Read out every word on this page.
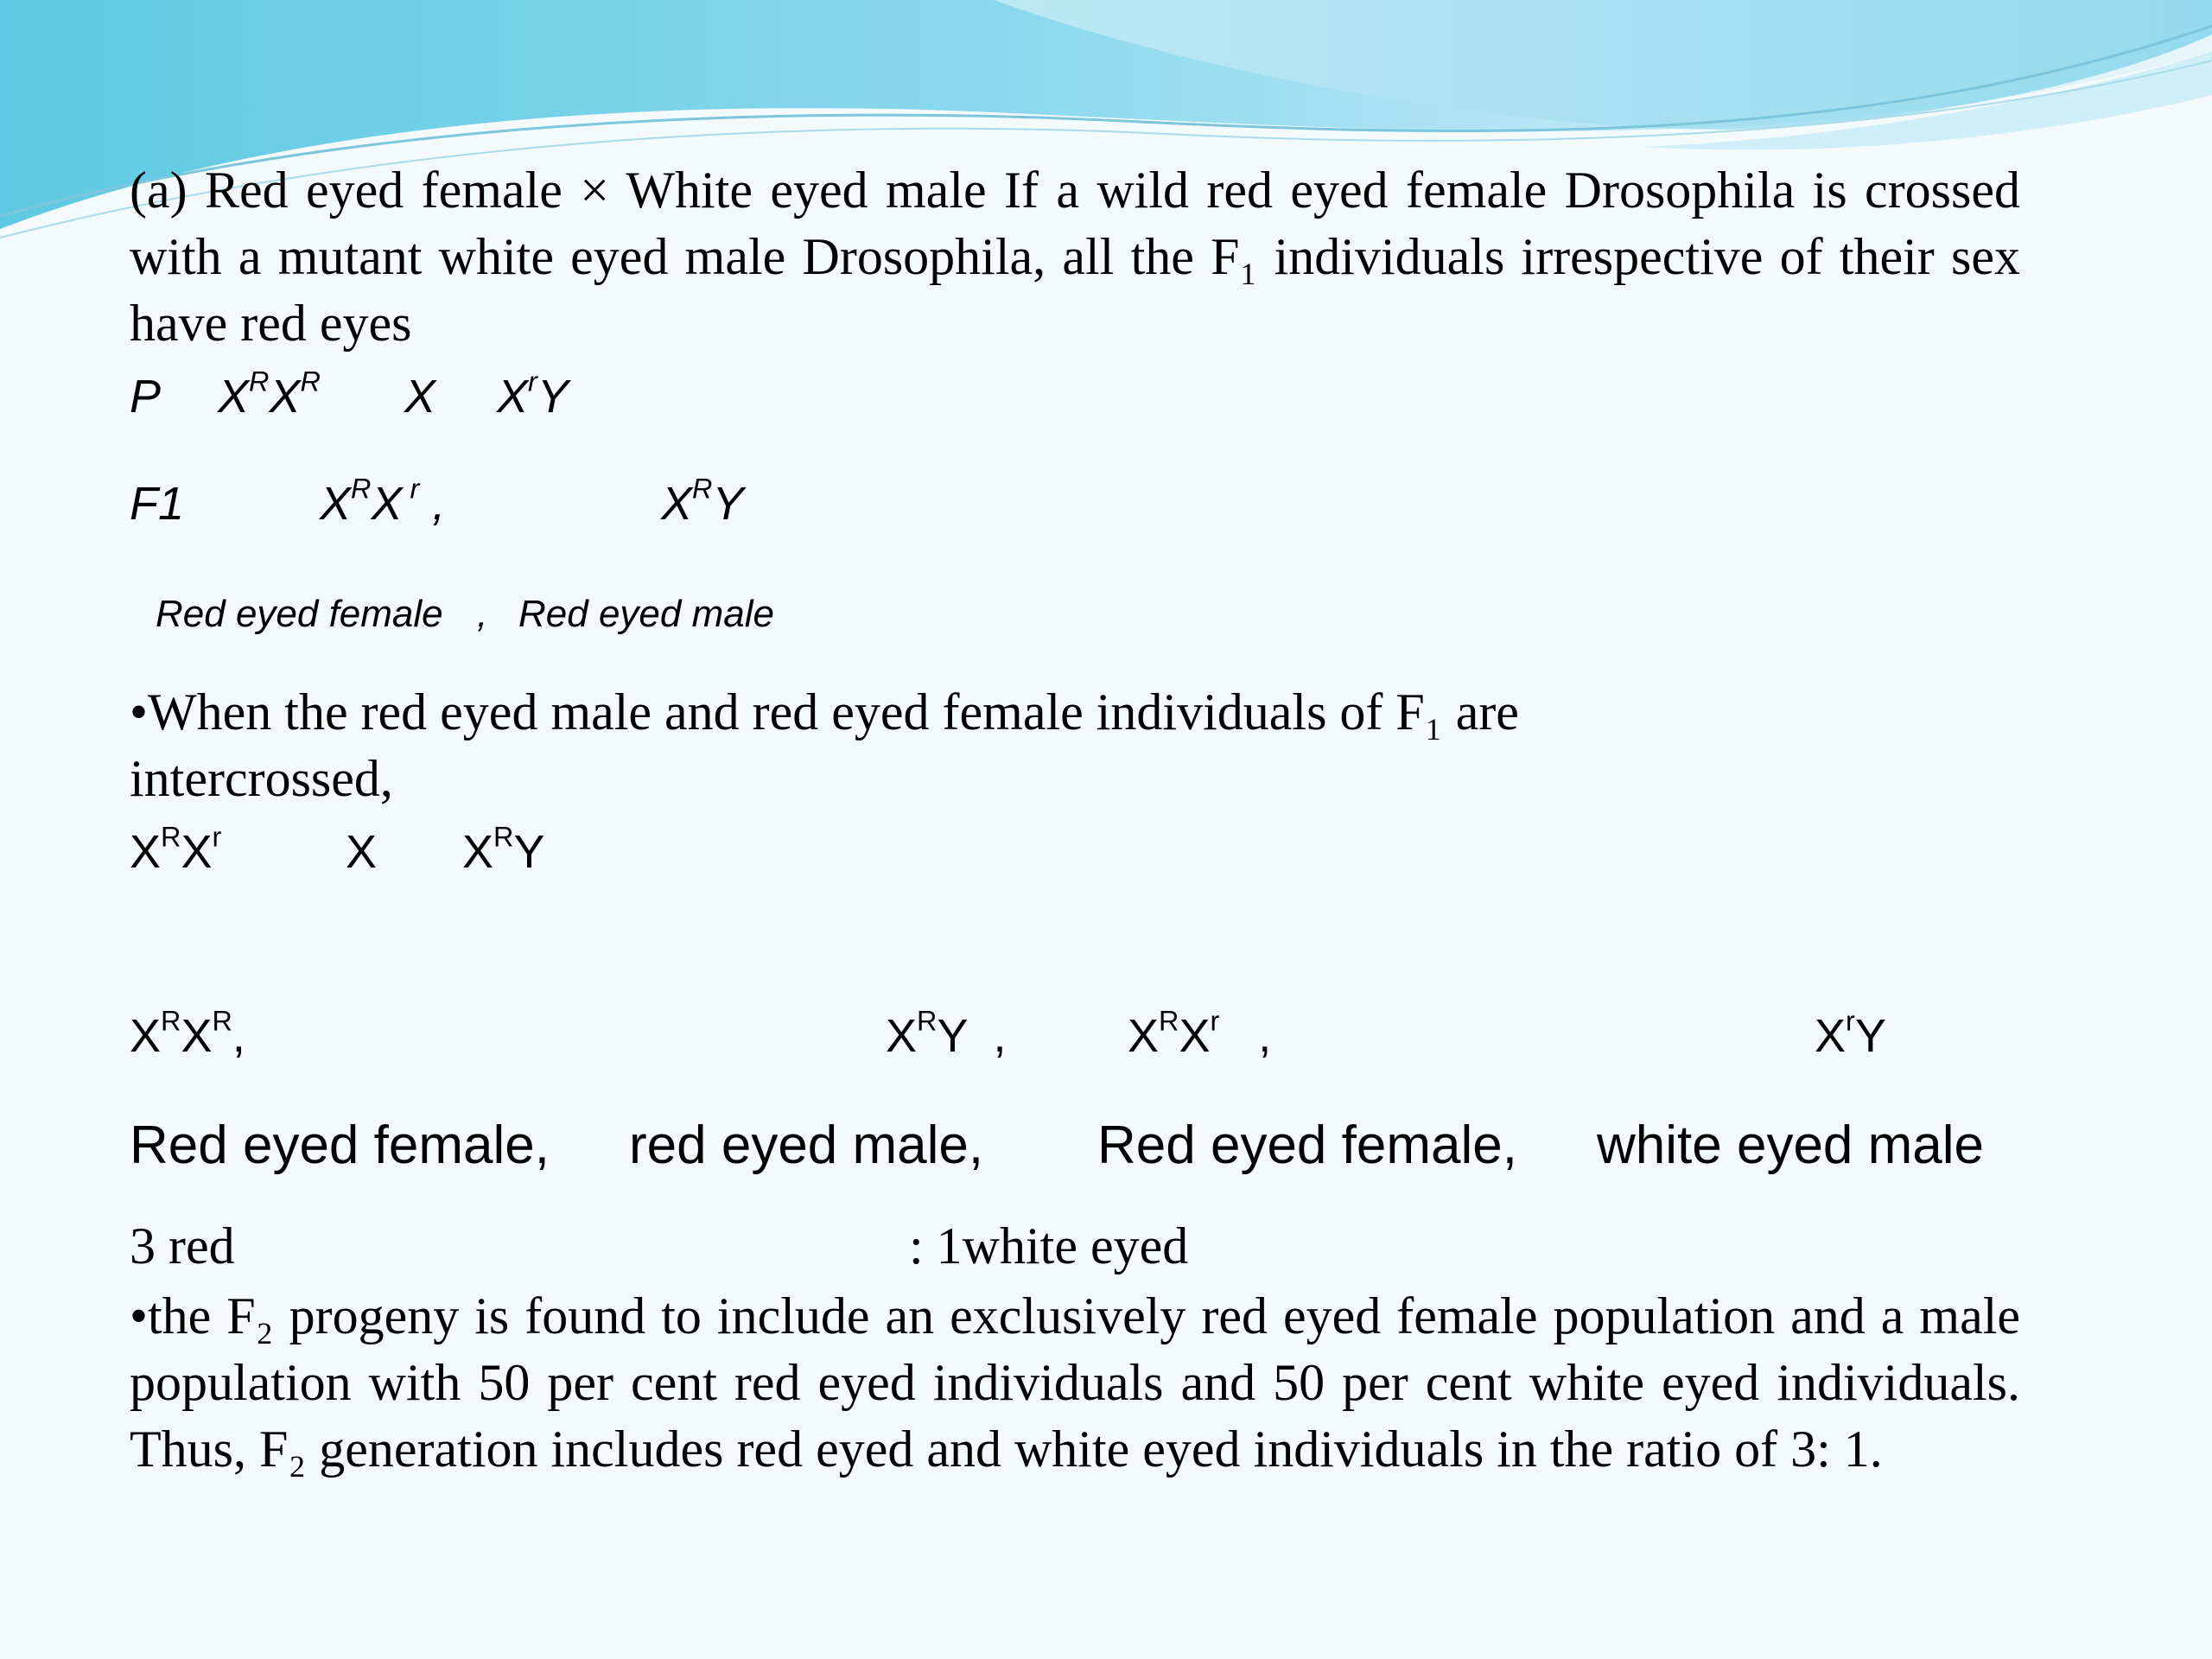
(a) Red eyed female × White eyed male If a wild red eyed female Drosophila is crossed with a mutant white eyed male Drosophila, all the F₁ individuals irrespective of their sex have red eyes
P $X^RX^R$ X $X^rY$
F1	$X^RX$ $^r$ ,	$X^RY$
Red eyed female , Red eyed male
•When the red eyed male and red eyed female individuals of F₁ are intercrossed,
$X^RX^r$	X $X^RY$
$X^RX^R$,	$X^RY$  ,	$X^RX^r$   ,	$X^rY$
Red eyed female, red eyed male, Red eyed female, white eyed male
3 red	: 1white eyed
•the F₂ progeny is found to include an exclusively red eyed female population and a male population with 50 per cent red eyed individuals and 50 per cent white eyed individuals. Thus, F₂ generation includes red eyed and white eyed individuals in the ratio of 3: 1.
